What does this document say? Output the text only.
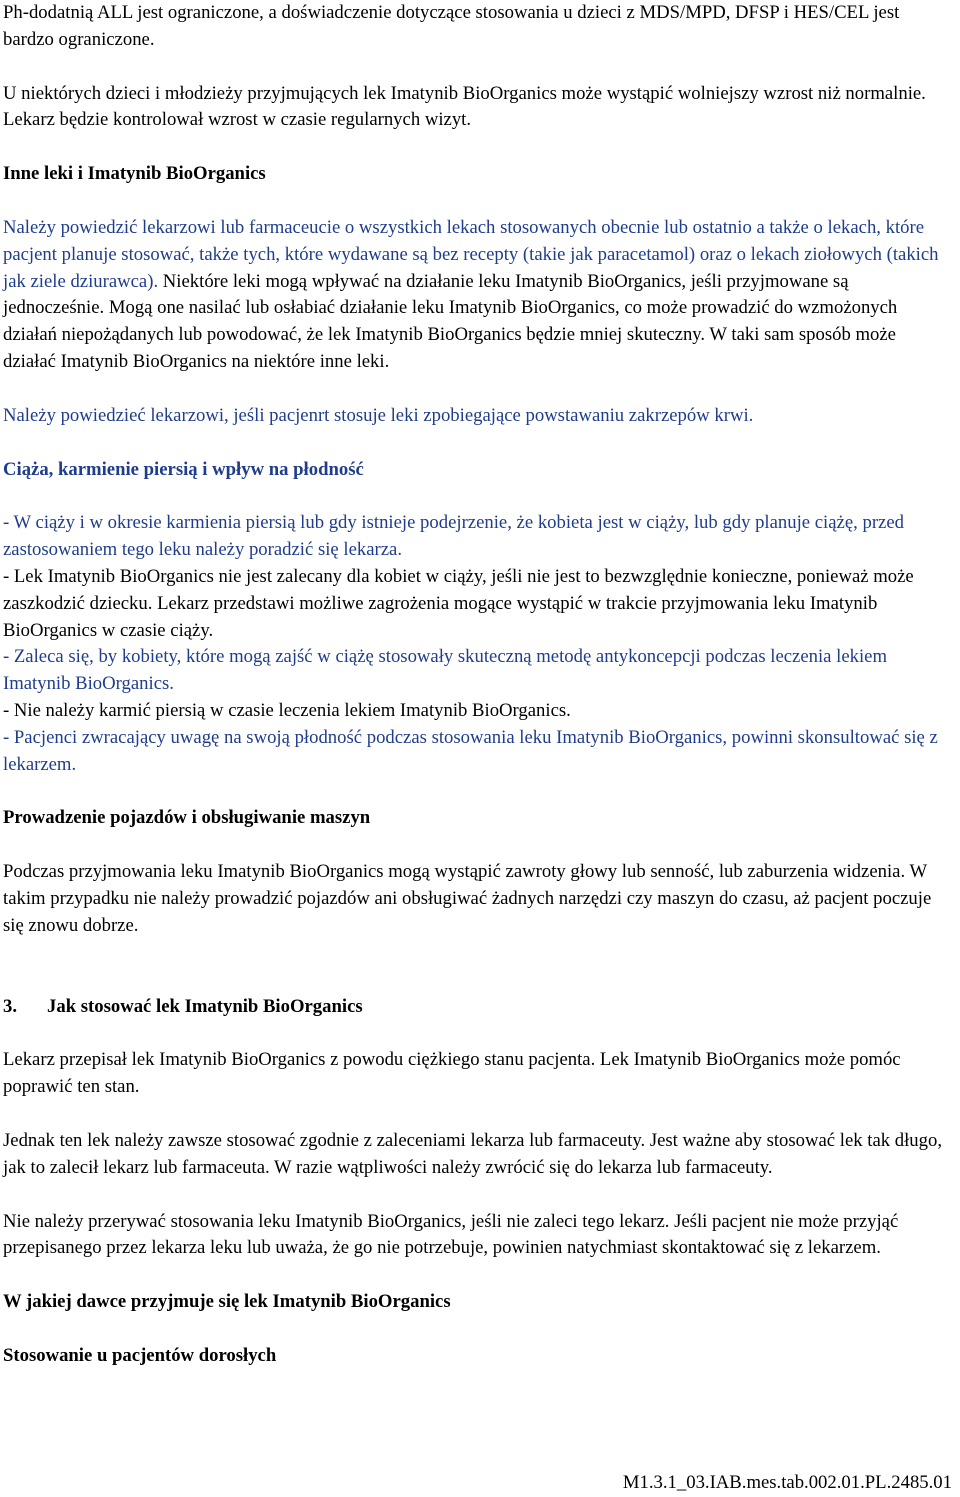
Ph-dodatnią ALL jest ograniczone, a doświadczenie dotyczące stosowania u dzieci z MDS/MPD, DFSP i HES/CEL jest bardzo ograniczone.

U niektórych dzieci i młodzieży przyjmujących lek Imatynib BioOrganics może wystąpić wolniejszy wzrost niż normalnie. Lekarz będzie kontrolował wzrost w czasie regularnych wizyt.

Inne leki i Imatynib BioOrganics

Należy powiedzić lekarzowi lub farmaceucie o wszystkich lekach stosowanych obecnie lub ostatnio a także o lekach, które pacjent planuje stosować, także tych, które wydawane są bez recepty (takie jak paracetamol) oraz o lekach ziołowych (takich jak ziele dziurawca). Niektóre leki mogą wpływać na działanie leku Imatynib BioOrganics, jeśli przyjmowane są jednocześnie. Mogą one nasilać lub osłabiać działanie leku Imatynib BioOrganics, co może prowadzić do wzmożonych działań niepożądanych lub powodować, że lek Imatynib BioOrganics będzie mniej skuteczny. W taki sam sposób może działać Imatynib BioOrganics na niektóre inne leki.

Należy powiedzieć lekarzowi, jeśli pacjenrt stosuje leki zpobiegające powstawaniu zakrzepów krwi.

Ciąża, karmienie piersią i wpływ na płodność

- W ciąży i w okresie karmienia piersią lub gdy istnieje podejrzenie, że kobieta jest w ciąży, lub gdy planuje ciążę, przed zastosowaniem tego leku należy poradzić się lekarza.

- Lek Imatynib BioOrganics nie jest zalecany dla kobiet w ciąży, jeśli nie jest to bezwzględnie konieczne, ponieważ może zaszkodzić dziecku. Lekarz przedstawi możliwe zagrożenia mogące wystąpić w trakcie przyjmowania leku Imatynib BioOrganics w czasie ciąży.

- Zaleca się, by kobiety, które mogą zajść w ciążę stosowały skuteczną metodę antykoncepcji podczas leczenia lekiem Imatynib BioOrganics.

- Nie należy karmić piersią w czasie leczenia lekiem Imatynib BioOrganics.

- Pacjenci zwracający uwagę na swoją płodność podczas stosowania leku Imatynib BioOrganics, powinni skonsultować się z lekarzem.

Prowadzenie pojazdów i obsługiwanie maszyn

Podczas przyjmowania leku Imatynib BioOrganics mogą wystąpić zawroty głowy lub senność, lub zaburzenia widzenia. W takim przypadku nie należy prowadzić pojazdów ani obsługiwać żadnych narzędzi czy maszyn do czasu, aż pacjent poczuje się znowu dobrze.

3. Jak stosować lek Imatynib BioOrganics

Lekarz przepisał lek Imatynib BioOrganics z powodu ciężkiego stanu pacjenta. Lek Imatynib BioOrganics może pomóc poprawić ten stan.

Jednak ten lek należy zawsze stosować zgodnie z zaleceniami lekarza lub farmaceuty. Jest ważne aby stosować lek tak długo, jak to zalecił lekarz lub farmaceuta. W razie wątpliwości należy zwrócić się do lekarza lub farmaceuty.

Nie należy przerywać stosowania leku Imatynib BioOrganics, jeśli nie zaleci tego lekarz. Jeśli pacjent nie może przyjąć przepisanego przez lekarza leku lub uważa, że go nie potrzebuje, powinien natychmiast skontaktować się z lekarzem.

W jakiej dawce przyjmuje się lek Imatynib BioOrganics
Stosowanie u pacjentów dorosłych
M1.3.1_03.IAB.mes.tab.002.01.PL.2485.01
